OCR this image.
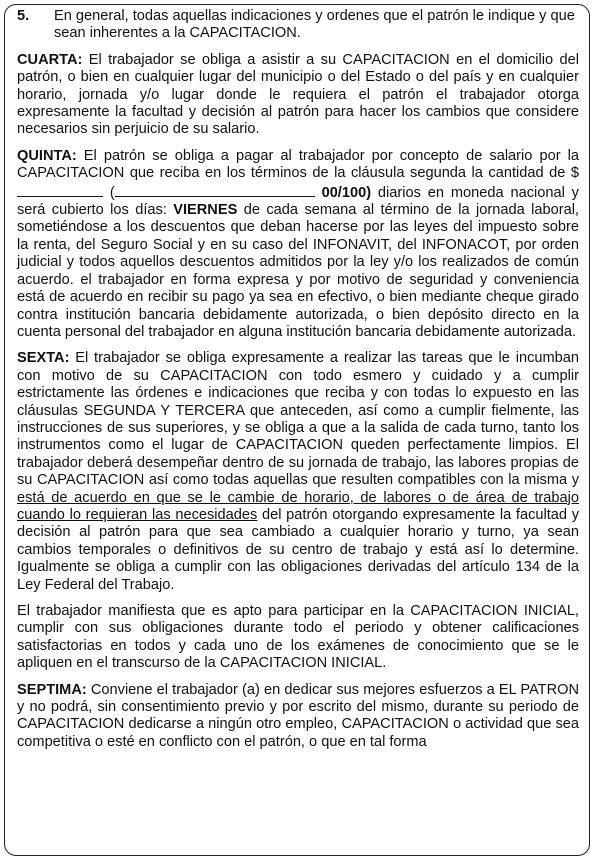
5.	En general, todas aquellas indicaciones y ordenes que el patrón le indique y que sean inherentes a la CAPACITACION.

CUARTA: El trabajador se obliga a asistir a su CAPACITACION en el domicilio del patrón, o bien en cualquier lugar del municipio o del Estado o del país y en cualquier horario, jornada y/o lugar donde le requiera el patrón el trabajador otorga expresamente la facultad y decisión al patrón para hacer los cambios que considere necesarios sin perjuicio de su salario.

QUINTA: El patrón se obliga a pagar al trabajador por concepto de salario por la CAPACITACION que reciba en los términos de la cláusula segunda la cantidad de $ (	00/100) diarios en moneda nacional y será cubierto los días: VIERNES de cada semana al término de la jornada laboral, sometiéndose a los descuentos que deban hacerse por las leyes del impuesto sobre la renta, del Seguro Social y en su caso del INFONAVIT, del INFONACOT, por orden judicial y todos aquellos descuentos admitidos por la ley y/o los realizados de común acuerdo. el trabajador en forma expresa y por motivo de seguridad y conveniencia está de acuerdo en recibir su pago ya sea en efectivo, o bien mediante cheque girado contra institución bancaria debidamente autorizada, o bien depósito directo en la cuenta personal del trabajador en alguna institución bancaria debidamente autorizada.

SEXTA: El trabajador se obliga expresamente a realizar las tareas que le incumban con motivo de su CAPACITACION con todo esmero y cuidado y a cumplir estrictamente las órdenes e indicaciones que reciba y con todas lo expuesto en las cláusulas SEGUNDA Y TERCERA que anteceden, así como a cumplir fielmente, las instrucciones de sus superiores, y se obliga a que a la salida de cada turno, tanto los instrumentos como el lugar de CAPACITACION queden perfectamente limpios. El trabajador deberá desempeñar dentro de su jornada de trabajo, las labores propias de su CAPACITACION así como todas aquellas que resulten compatibles con la misma y está de acuerdo en que se le cambie de horario, de labores o de área de trabajo cuando lo requieran las necesidades del patrón otorgando expresamente la facultad y decisión al patrón para que sea cambiado a cualquier horario y turno, ya sean cambios temporales o definitivos de su centro de trabajo y está así lo determine. Igualmente se obliga a cumplir con las obligaciones derivadas del artículo 134 de la Ley Federal del Trabajo.

El trabajador manifiesta que es apto para participar en la CAPACITACION INICIAL, cumplir con sus obligaciones durante todo el periodo y obtener calificaciones satisfactorias en todos y cada uno de los exámenes de conocimiento que se le apliquen en el transcurso de la CAPACITACION INICIAL.

SEPTIMA: Conviene el trabajador (a) en dedicar sus mejores esfuerzos a EL PATRON y no podrá, sin consentimiento previo y por escrito del mismo, durante su periodo de CAPACITACION dedicarse a ningún otro empleo, CAPACITACION o actividad que sea competitiva o esté en conflicto con el patrón, o que en tal forma
